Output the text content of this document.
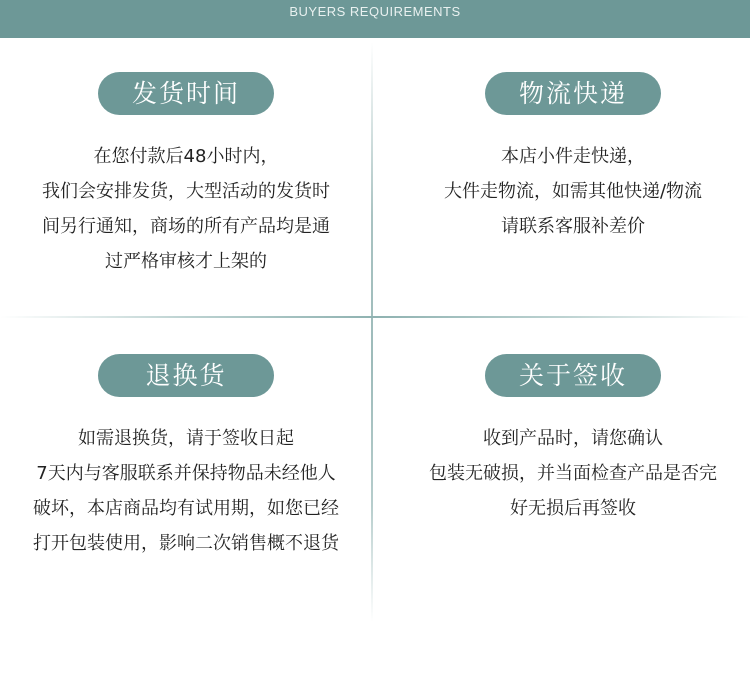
BUYERS REQUIREMENTS
发货时间
在您付款后48小时内，
我们会安排发货，大型活动的发货时
间另行通知，商场的所有产品均是通
过严格审核才上架的
物流快递
本店小件走快递，
大件走物流，如需其他快递/物流
请联系客服补差价
退换货
如需退换货，请于签收日起
7天内与客服联系并保持物品未经他人
破坏，本店商品均有试用期，如您已经
打开包装使用，影响二次销售概不退货
关于签收
收到产品时，请您确认
包装无破损，并当面检查产品是否完
好无损后再签收
